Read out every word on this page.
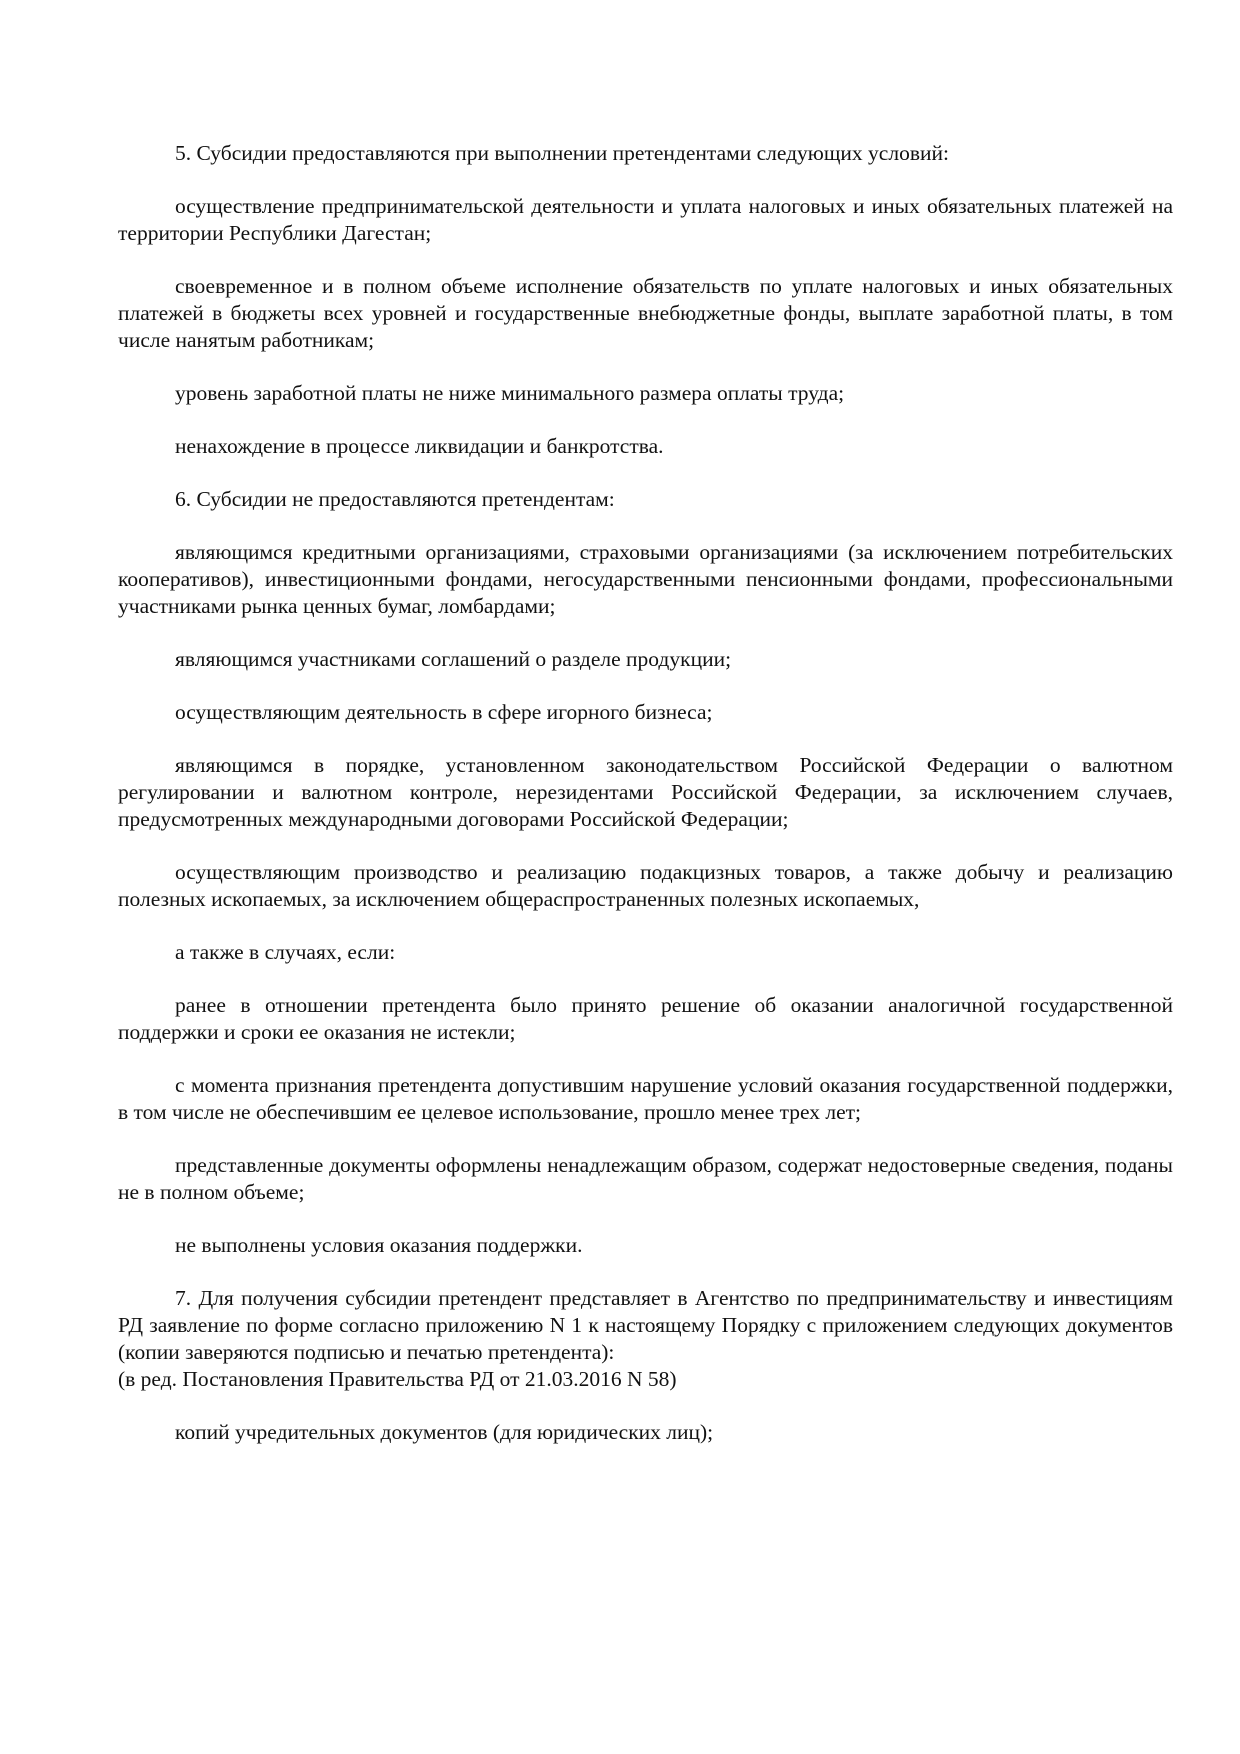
5. Субсидии предоставляются при выполнении претендентами следующих условий:

осуществление предпринимательской деятельности и уплата налоговых и иных обязательных платежей на территории Республики Дагестан;

своевременное и в полном объеме исполнение обязательств по уплате налоговых и иных обязательных платежей в бюджеты всех уровней и государственные внебюджетные фонды, выплате заработной платы, в том числе нанятым работникам;

уровень заработной платы не ниже минимального размера оплаты труда;

ненахождение в процессе ликвидации и банкротства.

6. Субсидии не предоставляются претендентам:

являющимся кредитными организациями, страховыми организациями (за исключением потребительских кооперативов), инвестиционными фондами, негосударственными пенсионными фондами, профессиональными участниками рынка ценных бумаг, ломбардами;

являющимся участниками соглашений о разделе продукции;

осуществляющим деятельность в сфере игорного бизнеса;

являющимся в порядке, установленном законодательством Российской Федерации о валютном регулировании и валютном контроле, нерезидентами Российской Федерации, за исключением случаев, предусмотренных международными договорами Российской Федерации;

осуществляющим производство и реализацию подакцизных товаров, а также добычу и реализацию полезных ископаемых, за исключением общераспространенных полезных ископаемых,

а также в случаях, если:

ранее в отношении претендента было принято решение об оказании аналогичной государственной поддержки и сроки ее оказания не истекли;

с момента признания претендента допустившим нарушение условий оказания государственной поддержки, в том числе не обеспечившим ее целевое использование, прошло менее трех лет;

представленные документы оформлены ненадлежащим образом, содержат недостоверные сведения, поданы не в полном объеме;

не выполнены условия оказания поддержки.

7. Для получения субсидии претендент представляет в Агентство по предпринимательству и инвестициям РД заявление по форме согласно приложению N 1 к настоящему Порядку с приложением следующих документов (копии заверяются подписью и печатью претендента):

(в ред. Постановления Правительства РД от 21.03.2016 N 58)

копий учредительных документов (для юридических лиц);
